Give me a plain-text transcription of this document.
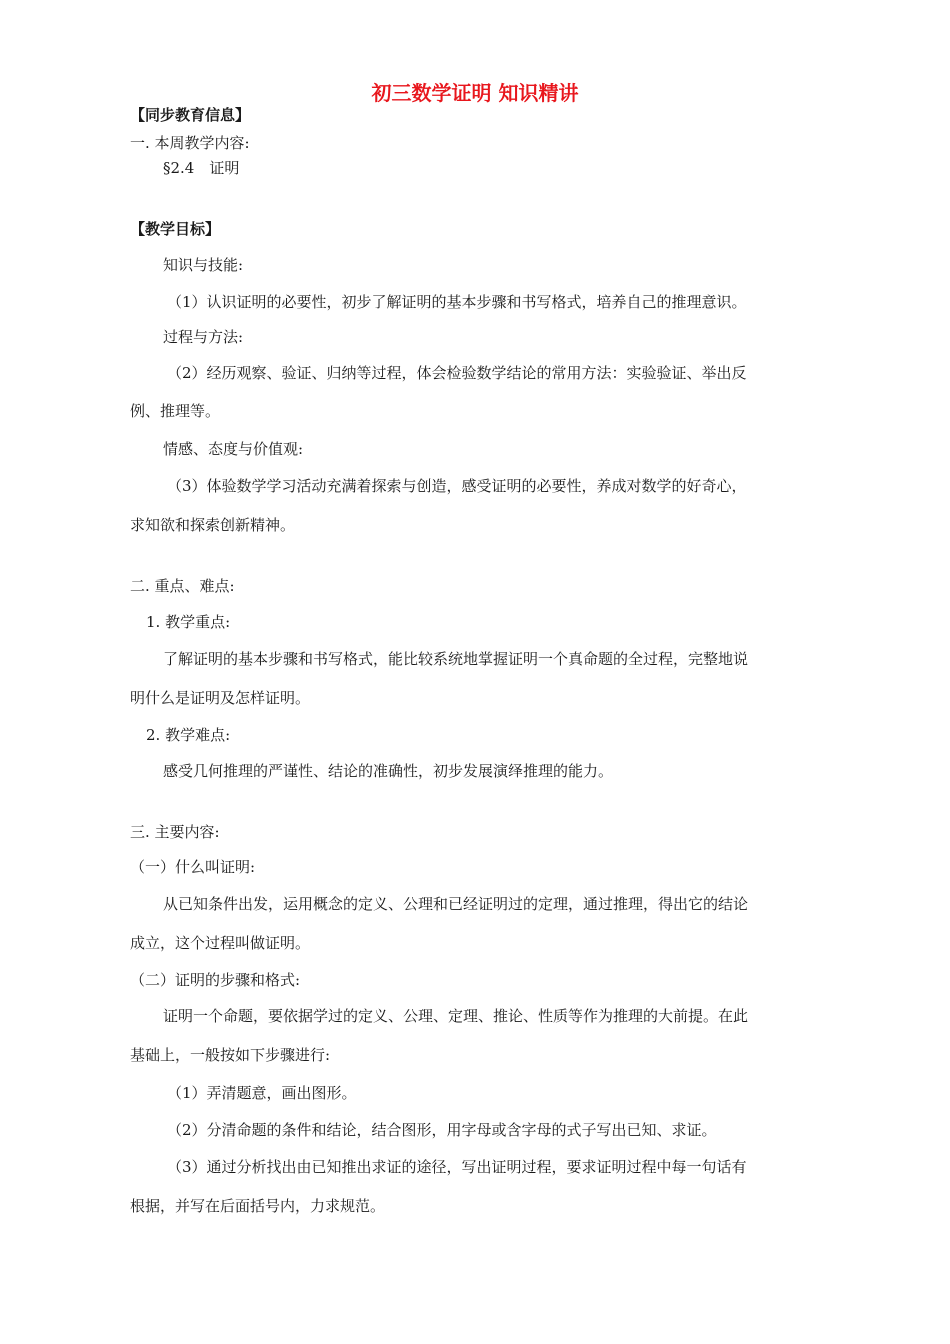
初三数学证明 知识精讲
【同步教育信息】
一. 本周教学内容:
§2.4　证明
【教学目标】
知识与技能:
（1）认识证明的必要性，初步了解证明的基本步骤和书写格式，培养自己的推理意识。
过程与方法:
（2）经历观察、验证、归纳等过程，体会检验数学结论的常用方法：实验验证、举出反
例、推理等。
情感、态度与价值观:
（3）体验数学学习活动充满着探索与创造，感受证明的必要性，养成对数学的好奇心，
求知欲和探索创新精神。
二. 重点、难点:
1. 教学重点:
了解证明的基本步骤和书写格式，能比较系统地掌握证明一个真命题的全过程，完整地说
明什么是证明及怎样证明。
2. 教学难点:
感受几何推理的严谨性、结论的准确性，初步发展演绎推理的能力。
三. 主要内容:
（一）什么叫证明:
从已知条件出发，运用概念的定义、公理和已经证明过的定理，通过推理，得出它的结论
成立，这个过程叫做证明。
（二）证明的步骤和格式:
证明一个命题，要依据学过的定义、公理、定理、推论、性质等作为推理的大前提。在此
基础上，一般按如下步骤进行:
（1）弄清题意，画出图形。
（2）分清命题的条件和结论，结合图形，用字母或含字母的式子写出已知、求证。
（3）通过分析找出由已知推出求证的途径，写出证明过程，要求证明过程中每一句话有
根据，并写在后面括号内，力求规范。
